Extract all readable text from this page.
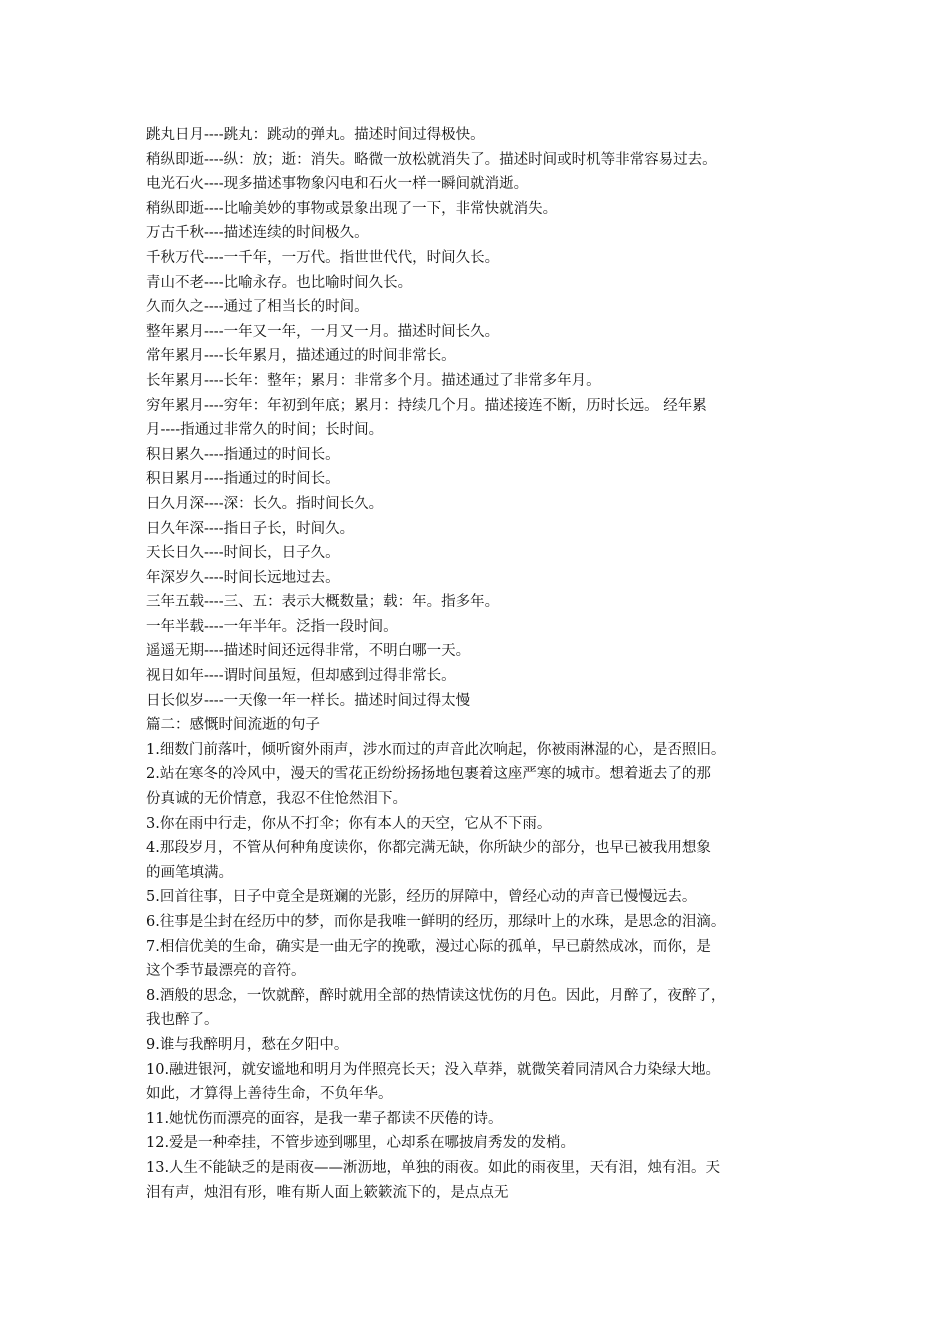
跳丸日月----跳丸：跳动的弹丸。描述时间过得极快。
稍纵即逝----纵：放；逝：消失。略微一放松就消失了。描述时间或时机等非常容易过去。
电光石火----现多描述事物象闪电和石火一样一瞬间就消逝。
稍纵即逝----比喻美妙的事物或景象出现了一下，非常快就消失。
万古千秋----描述连续的时间极久。
千秋万代----一千年，一万代。指世世代代，时间久长。
青山不老----比喻永存。也比喻时间久长。
久而久之----通过了相当长的时间。
整年累月----一年又一年，一月又一月。描述时间长久。
常年累月----长年累月，描述通过的时间非常长。
长年累月----长年：整年；累月：非常多个月。描述通过了非常多年月。
穷年累月----穷年：年初到年底；累月：持续几个月。描述接连不断，历时长远。 经年累
月----指通过非常久的时间；长时间。
积日累久----指通过的时间长。
积日累月----指通过的时间长。
日久月深----深：长久。指时间长久。
日久年深----指日子长，时间久。
天长日久----时间长，日子久。
年深岁久----时间长远地过去。
三年五载----三、五：表示大概数量；载：年。指多年。
一年半载----一年半年。泛指一段时间。
遥遥无期----描述时间还远得非常，不明白哪一天。
视日如年----谓时间虽短，但却感到过得非常长。
日长似岁----一天像一年一样长。描述时间过得太慢
篇二：感慨时间流逝的句子
1.细数门前落叶，倾听窗外雨声，涉水而过的声音此次响起，你被雨淋湿的心，是否照旧。
2.站在寒冬的冷风中，漫天的雪花正纷纷扬扬地包裹着这座严寒的城市。想着逝去了的那
份真诚的无价情意，我忍不住怆然泪下。
3.你在雨中行走，你从不打伞；你有本人的天空，它从不下雨。
4.那段岁月，不管从何种角度读你，你都完满无缺，你所缺少的部分，也早已被我用想象
的画笔填满。
5.回首往事，日子中竟全是斑斓的光影，经历的屏障中，曾经心动的声音已慢慢远去。
6.往事是尘封在经历中的梦，而你是我唯一鲜明的经历，那绿叶上的水珠，是思念的泪滴。
7.相信优美的生命，确实是一曲无字的挽歌，漫过心际的孤单，早已蔚然成冰，而你，是
这个季节最漂亮的音符。
8.酒般的思念，一饮就醉，醉时就用全部的热情读这忧伤的月色。因此，月醉了，夜醉了，
我也醉了。
9.谁与我醉明月，愁在夕阳中。
10.融进银河，就安谧地和明月为伴照亮长天；没入草莽，就微笑着同清风合力染绿大地。
如此，才算得上善待生命，不负年华。
11.她忧伤而漂亮的面容，是我一辈子都读不厌倦的诗。
12.爱是一种牵挂，不管步迹到哪里，心却系在哪披肩秀发的发梢。
13.人生不能缺乏的是雨夜——淅沥地，单独的雨夜。如此的雨夜里，天有泪，烛有泪。天
泪有声，烛泪有形，唯有斯人面上簌簌流下的，是点点无
